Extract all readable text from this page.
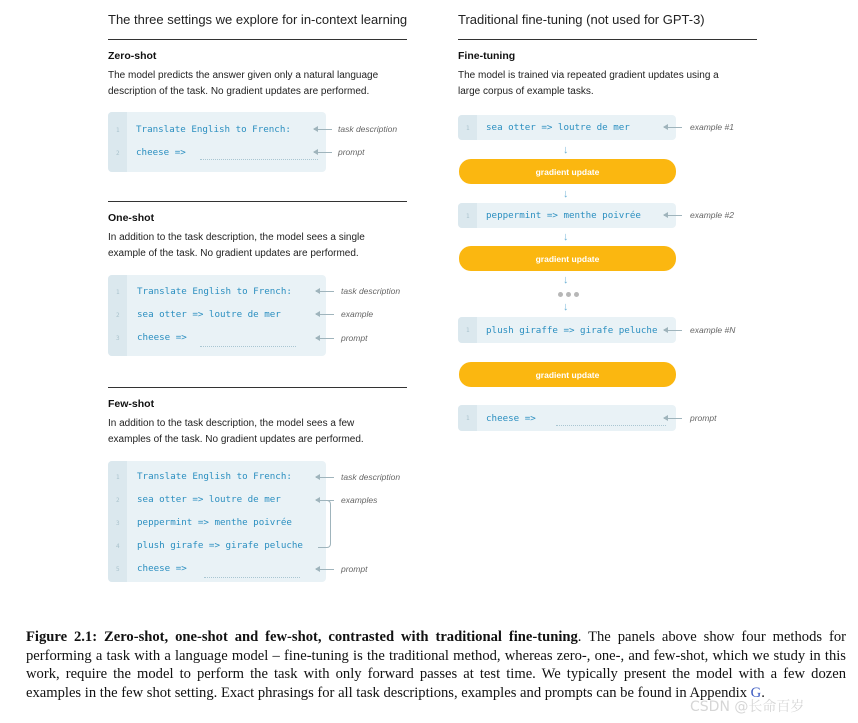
The three settings we explore for in-context learning	Traditional fine-tuning (not used for GPT-3)
Zero-shot
The model predicts the answer given only a natural language description of the task. No gradient updates are performed.
1
2
Translate English to French:
cheese =>
task description
prompt
One-shot
In addition to the task description, the model sees a single example of the task. No gradient updates are performed.
1
2
3
Translate English to French:
sea otter => loutre de mer
cheese =>
task description
example
prompt
Few-shot
In addition to the task description, the model sees a few examples of the task. No gradient updates are performed.
1
2
3
4
5
Translate English to French:
sea otter => loutre de mer
peppermint => menthe poivrée
plush girafe => girafe peluche
cheese =>
task description
examples
prompt
Fine-tuning
The model is trained via repeated gradient updates using a large corpus of example tasks.
1 sea otter => loutre de mer	example #1
↓
gradient update
↓
1 peppermint => menthe poivrée	example #2
↓
gradient update
↓
↓
1 plush giraffe => girafe peluche	example #N
gradient update
1 cheese =>	prompt
Figure 2.1: Zero-shot, one-shot and few-shot, contrasted with traditional fine-tuning. The panels above show four methods for performing a task with a language model – fine-tuning is the traditional method, whereas zero-, one-, and few-shot, which we study in this work, require the model to perform the task with only forward passes at test time. We typically present the model with a few dozen examples in the few shot setting. Exact phrasings for all task descriptions, examples and prompts can be found in Appendix G.
CSDN @长命百岁 ️
